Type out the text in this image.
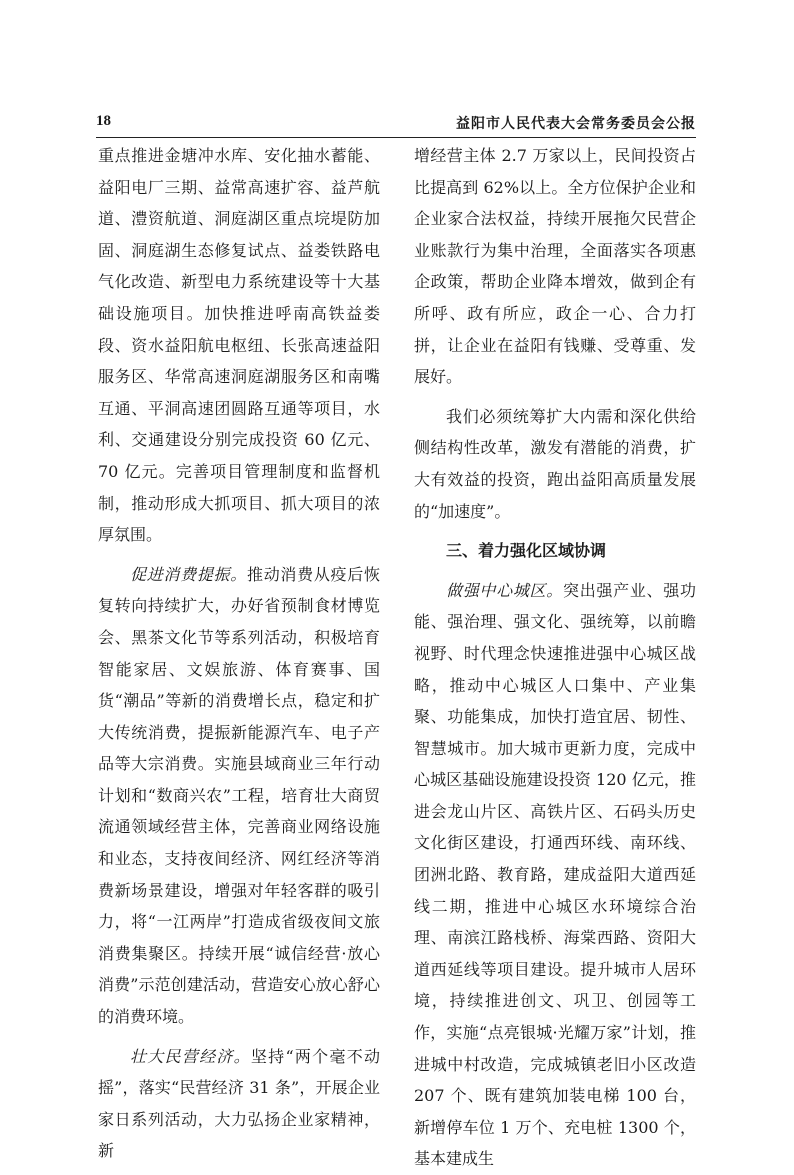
18	益阳市人民代表大会常务委员会公报

重点推进金塘冲水库、安化抽水蓄能、益阳电厂三期、益常高速扩容、益芦航道、澧资航道、洞庭湖区重点垸堤防加固、洞庭湖生态修复试点、益娄铁路电气化改造、新型电力系统建设等十大基础设施项目。加快推进呼南高铁益娄段、资水益阳航电枢纽、长张高速益阳服务区、华常高速洞庭湖服务区和南嘴互通、平洞高速团圆路互通等项目，水利、交通建设分别完成投资 60 亿元、70 亿元。完善项目管理制度和监督机制，推动形成大抓项目、抓大项目的浓厚氛围。

促进消费提振。推动消费从疫后恢复转向持续扩大，办好省预制食材博览会、黑茶文化节等系列活动，积极培育智能家居、文娱旅游、体育赛事、国货“潮品”等新的消费增长点，稳定和扩大传统消费，提振新能源汽车、电子产品等大宗消费。实施县域商业三年行动计划和“数商兴农”工程，培育壮大商贸流通领域经营主体，完善商业网络设施和业态，支持夜间经济、网红经济等消费新场景建设，增强对年轻客群的吸引力，将“一江两岸”打造成省级夜间文旅消费集聚区。持续开展“诚信经营·放心消费”示范创建活动，营造安心放心舒心的消费环境。

壮大民营经济。坚持“两个毫不动摇”，落实“民营经济 31 条”，开展企业家日系列活动，大力弘扬企业家精神，新

增经营主体 2.7 万家以上，民间投资占比提高到 62%以上。全方位保护企业和企业家合法权益，持续开展拖欠民营企业账款行为集中治理，全面落实各项惠企政策，帮助企业降本增效，做到企有所呼、政有所应，政企一心、合力打拼，让企业在益阳有钱赚、受尊重、发展好。

我们必须统筹扩大内需和深化供给侧结构性改革，激发有潜能的消费，扩大有效益的投资，跑出益阳高质量发展的“加速度”。

三、着力强化区域协调

做强中心城区。突出强产业、强功能、强治理、强文化、强统筹，以前瞻视野、时代理念快速推进强中心城区战略，推动中心城区人口集中、产业集聚、功能集成，加快打造宜居、韧性、智慧城市。加大城市更新力度，完成中心城区基础设施建设投资 120 亿元，推进会龙山片区、高铁片区、石码头历史文化街区建设，打通西环线、南环线、团洲北路、教育路，建成益阳大道西延线二期，推进中心城区水环境综合治理、南滨江路栈桥、海棠西路、资阳大道西延线等项目建设。提升城市人居环境，持续推进创文、巩卫、创园等工作，实施“点亮银城·光耀万家”计划，推进城中村改造，完成城镇老旧小区改造 207 个、既有建筑加装电梯 100 台，新增停车位 1 万个、充电桩 1300 个，基本建成生
